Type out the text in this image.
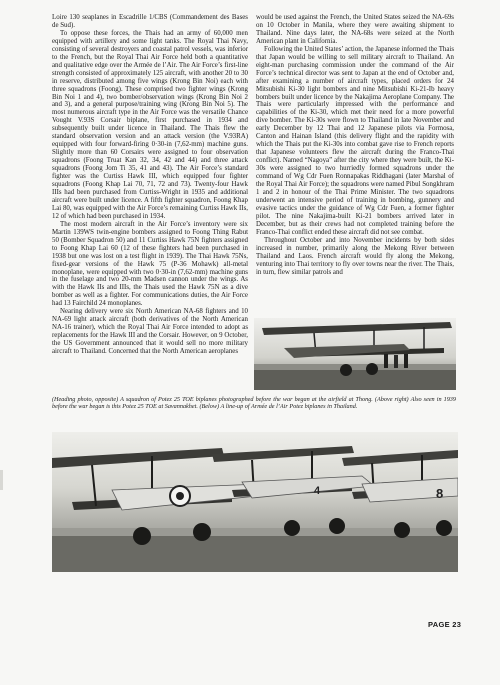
Loire 130 seaplanes in Escadrille 1/CBS (Commandement des Bases de Sud).

To oppose these forces, the Thais had an army of 60,000 men equipped with artillery and some light tanks. The Royal Thai Navy, consisting of several destroyers and coastal patrol vessels, was inferior to the French, but the Royal Thai Air Force held both a quantitative and qualitative edge over the Armée de l’Air. The Air Force’s first-line strength consisted of approximately 125 aircraft, with another 20 to 30 in reserve, distributed among five wings (Krong Bin Noi) each with three squadrons (Foong). These comprised two fighter wings (Krong Bin Noi 1 and 4), two bomber/observation wings (Krong Bin Noi 2 and 3), and a general purpose/training wing (Krong Bin Noi 5). The most numerous aircraft type in the Air Force was the versatile Chance Vought V.93S Corsair biplane, first purchased in 1934 and subsequently built under licence in Thailand. The Thais flew the standard observation version and an attack version (the V.93RA) equipped with four forward-firing 0·30-in (7,62-mm) machine guns. Slightly more than 60 Corsairs were assigned to four observation squadrons (Foong Truat Kan 32, 34, 42 and 44) and three attack squadrons (Foong Jom Ti 35, 41 and 43). The Air Force’s standard fighter was the Curtiss Hawk III, which equipped four fighter squadrons (Foong Khap Lai 70, 71, 72 and 73). Twenty-four Hawk IIIs had been purchased from Curtiss-Wright in 1935 and additional aircraft were built under licence. A fifth fighter squadron, Foong Khap Lai 80, was equipped with the Air Force’s remaining Curtiss Hawk IIs, 12 of which had been purchased in 1934.

The most modern aircraft in the Air Force’s inventory were six Martin 139WS twin-engine bombers assigned to Foong Thing Rabut 50 (Bomber Squadron 50) and 11 Curtiss Hawk 75N fighters assigned to Foong Khap Lai 60 (12 of these fighters had been purchased in 1938 but one was lost on a test flight in 1939). The Thai Hawk 75Ns, fixed-gear versions of the Hawk 75 (P-36 Mohawk) all-metal monoplane, were equipped with two 0·30-in (7,62-mm) machine guns in the fuselage and two 20-mm Madsen cannon under the wings. As with the Hawk IIs and IIIs, the Thais used the Hawk 75N as a dive bomber as well as a fighter. For communications duties, the Air Force had 13 Fairchild 24 monoplanes.

Nearing delivery were six North American NA-68 fighters and 10 NA-69 light attack aircraft (both derivatives of the North American NA-16 trainer), which the Royal Thai Air Force intended to adopt as replacements for the Hawk III and the Corsair. However, on 9 October, the US Government announced that it would sell no more military aircraft to Thailand. Concerned that the North American aeroplanes

would be used against the French, the United States seized the NA-69s on 10 October in Manila, where they were awaiting shipment to Thailand. Nine days later, the NA-68s were seized at the North American plant in California.

Following the United States’ action, the Japanese informed the Thais that Japan would be willing to sell military aircraft to Thailand. An eight-man purchasing commission under the command of the Air Force’s technical director was sent to Japan at the end of October and, after examining a number of aircraft types, placed orders for 24 Mitsubishi Ki-30 light bombers and nine Mitsubishi Ki-21-Ib heavy bombers built under licence by the Nakajima Aeroplane Company. The Thais were particularly impressed with the performance and capabilities of the Ki-30, which met their need for a more powerful dive bomber. The Ki-30s were flown to Thailand in late November and early December by 12 Thai and 12 Japanese pilots via Formosa, Canton and Hainan Island (this delivery flight and the rapidity with which the Thais put the Ki-30s into combat gave rise to French reports that Japanese volunteers flew the aircraft during the Franco-Thai conflict). Named “Nagoya” after the city where they were built, the Ki-30s were assigned to two hurriedly formed squadrons under the command of Wg Cdr Fuen Ronnapakas Riddhagani (later Marshal of the Royal Thai Air Force); the squadrons were named Pibul Songkhram 1 and 2 in honour of the Thai Prime Minister. The two squadrons underwent an intensive period of training in bombing, gunnery and evasive tactics under the guidance of Wg Cdr Fuen, a former fighter pilot. The nine Nakajima-built Ki-21 bombers arrived later in December, but as their crews had not completed training before the Franco-Thai conflict ended these aircraft did not see combat.

Throughout October and into November incidents by both sides increased in number, primarily along the Mekong River between Thailand and Laos. French aircraft would fly along the Mekong, venturing into Thai territory to fly over towns near the river. The Thais, in turn, flew similar patrols and

(Heading photo, opposite) A squadron of Potez 25 TOE biplanes photographed before the war began at the airfield at Thong. (Above right) Also seen in 1939 before the war began is this Potez 25 TOE at Savannakhet. (Below) A line-up of Armée de l’Air Potez biplanes in Thailand.
4	8
PAGE 23
